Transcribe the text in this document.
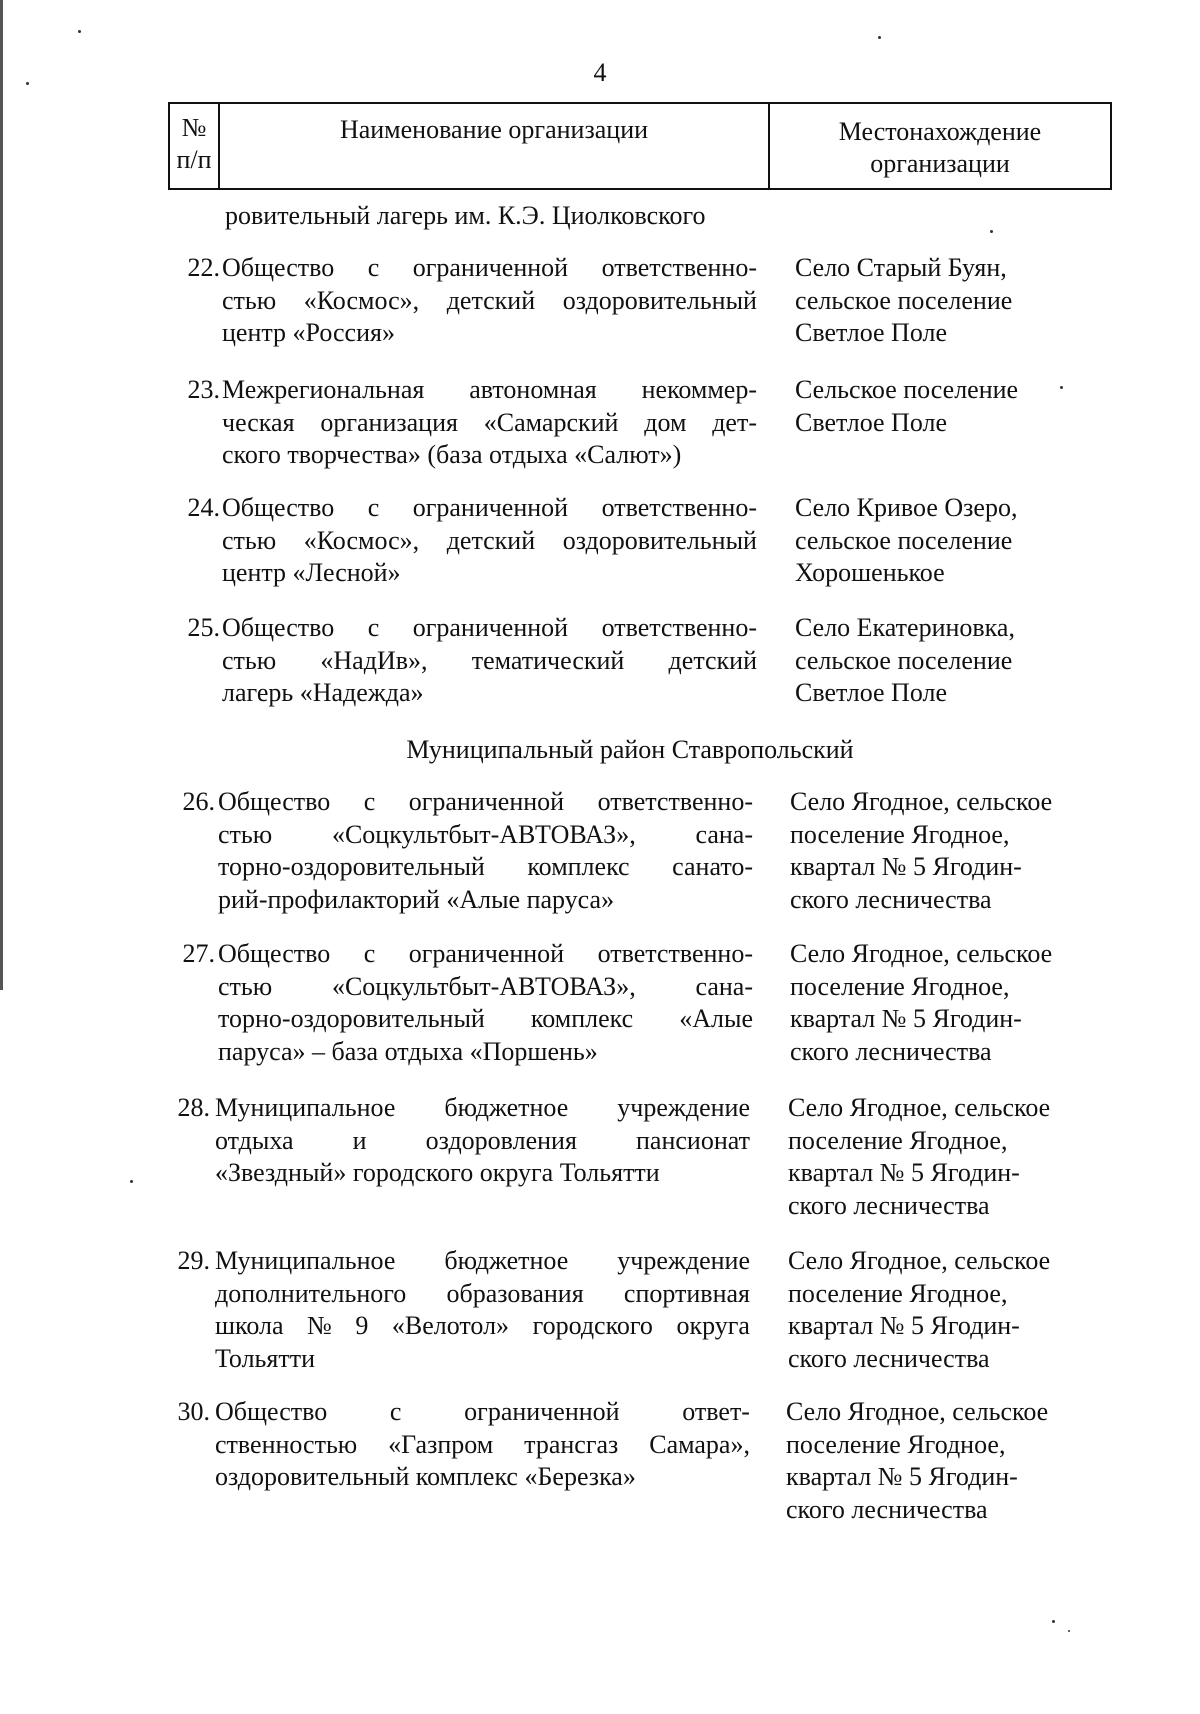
4
№
п/п
Наименование организации	Местонахождение
организации
ровительный лагерь им. К.Э. Циолковского
22. Общество с ограниченной ответственно-
стью «Космос», детский оздоровительный
центр «Россия»
Село Старый Буян,
сельское поселение
Светлое Поле
23. Межрегиональная автономная некоммер-
ческая организация «Самарский дом дет-
ского творчества» (база отдыха «Салют»)
Сельское поселение
Светлое Поле
24. Общество с ограниченной ответственно-
стью «Космос», детский оздоровительный
центр «Лесной»
Село Кривое Озеро,
сельское поселение
Хорошенькое
25. Общество с ограниченной ответственно-
стью «НадИв», тематический детский
лагерь «Надежда»
Село Екатериновка,
сельское поселение
Светлое Поле
Муниципальный район Ставропольский
26. Общество с ограниченной ответственно-
стью «Соцкультбыт-АВТОВАЗ», сана-
торно-оздоровительный комплекс санато-
рий-профилакторий «Алые паруса»
Село Ягодное, сельское
поселение Ягодное,
квартал № 5 Ягодин-
ского лесничества
27. Общество с ограниченной ответственно-
стью «Соцкультбыт-АВТОВАЗ», сана-
торно-оздоровительный комплекс «Алые
паруса» – база отдыха «Поршень»
Село Ягодное, сельское
поселение Ягодное,
квартал № 5 Ягодин-
ского лесничества
28. Муниципальное бюджетное учреждение
отдыха и оздоровления пансионат
«Звездный» городского округа Тольятти
Село Ягодное, сельское
поселение Ягодное,
квартал № 5 Ягодин-
ского лесничества
29. Муниципальное бюджетное учреждение
дополнительного образования спортивная
школа № 9 «Велотол» городского округа
Тольятти
Село Ягодное, сельское
поселение Ягодное,
квартал № 5 Ягодин-
ского лесничества
30. Общество с ограниченной ответ-
ственностью «Газпром трансгаз Самара»,
оздоровительный комплекс «Березка»
Село Ягодное, сельское
поселение Ягодное,
квартал № 5 Ягодин-
ского лесничества
